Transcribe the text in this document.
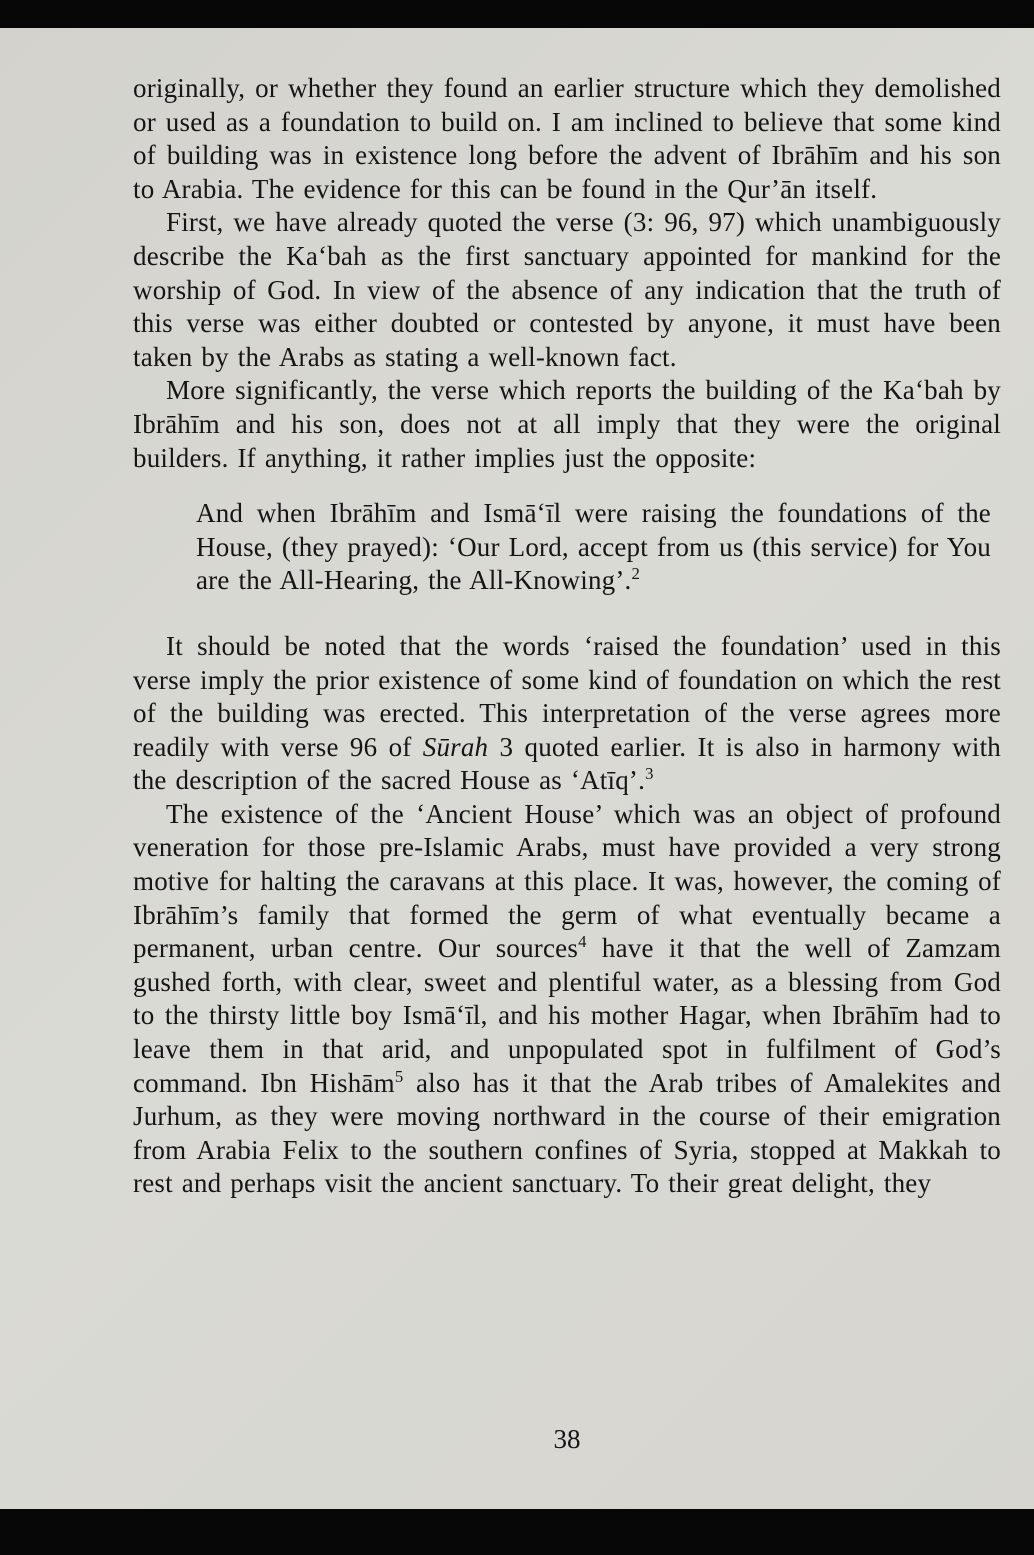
originally, or whether they found an earlier structure which they demolished or used as a foundation to build on. I am inclined to believe that some kind of building was in existence long before the advent of Ibrāhīm and his son to Arabia. The evidence for this can be found in the Qur’ān itself.

First, we have already quoted the verse (3: 96, 97) which unambiguously describe the Ka‘bah as the first sanctuary appointed for mankind for the worship of God. In view of the absence of any indication that the truth of this verse was either doubted or contested by anyone, it must have been taken by the Arabs as stating a well-known fact.

More significantly, the verse which reports the building of the Ka‘bah by Ibrāhīm and his son, does not at all imply that they were the original builders. If anything, it rather implies just the opposite:

And when Ibrāhīm and Ismā‘īl were raising the foundations of the House, (they prayed): ‘Our Lord, accept from us (this service) for You are the All-Hearing, the All-Knowing’.$^2$

It should be noted that the words ‘raised the foundation’ used in this verse imply the prior existence of some kind of foundation on which the rest of the building was erected. This interpretation of the verse agrees more readily with verse 96 of Sūrah 3 quoted earlier. It is also in harmony with the description of the sacred House as ‘Atīq’.$^3$

The existence of the ‘Ancient House’ which was an object of profound veneration for those pre-Islamic Arabs, must have provided a very strong motive for halting the caravans at this place. It was, however, the coming of Ibrāhīm’s family that formed the germ of what eventually became a permanent, urban centre. Our sources$^4$ have it that the well of Zamzam gushed forth, with clear, sweet and plentiful water, as a blessing from God to the thirsty little boy Ismā‘īl, and his mother Hagar, when Ibrāhīm had to leave them in that arid, and unpopulated spot in fulfilment of God’s command. Ibn Hishām$^5$ also has it that the Arab tribes of Amalekites and Jurhum, as they were moving northward in the course of their emigration from Arabia Felix to the southern confines of Syria, stopped at Makkah to rest and perhaps visit the ancient sanctuary. To their great delight, they

38
